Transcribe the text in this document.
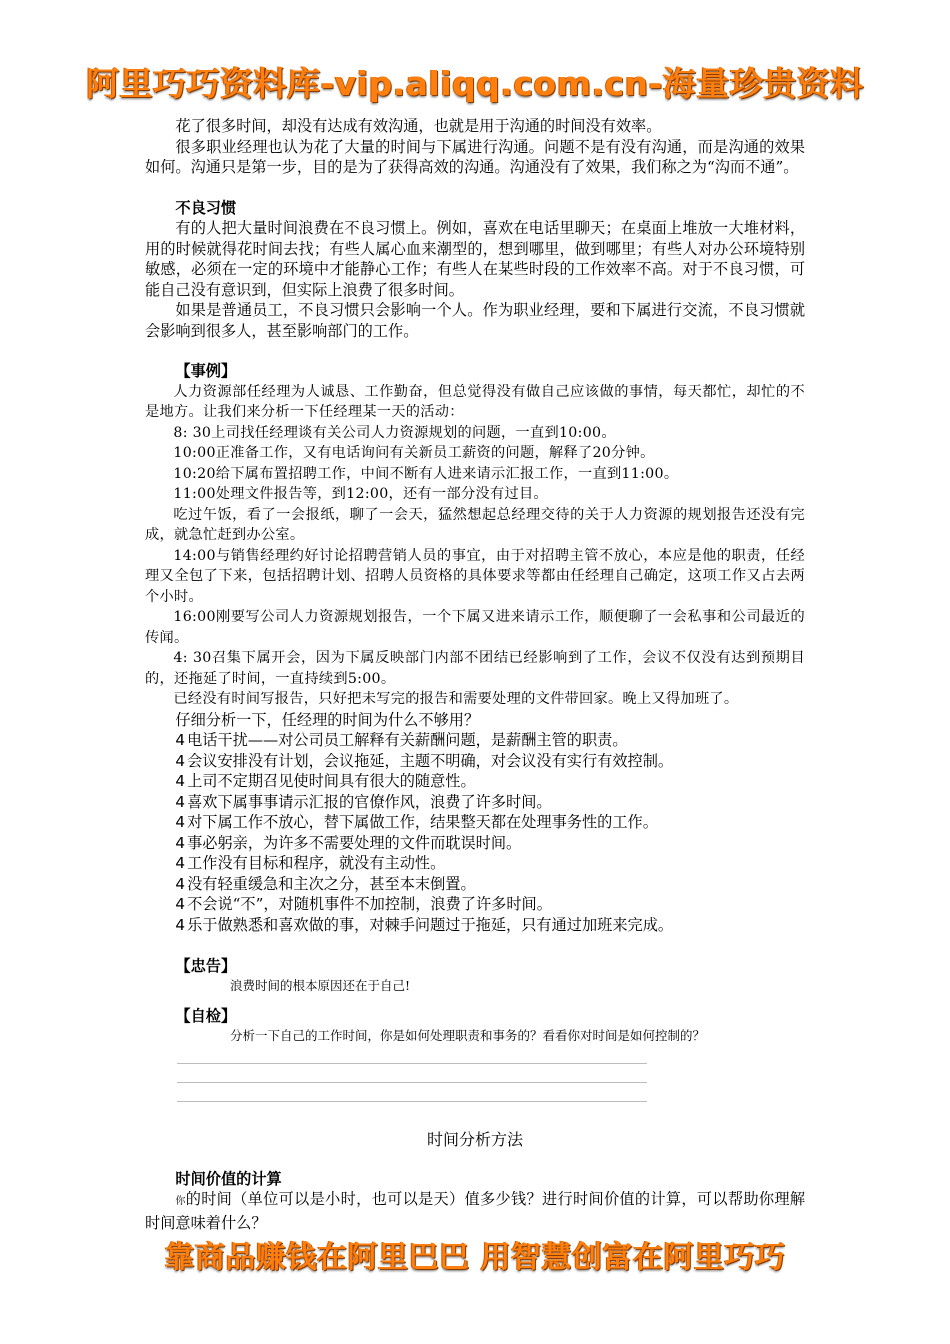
阿里巧巧资料库-vip.aliqq.com.cn-海量珍贵资料
花了很多时间，却没有达成有效沟通，也就是用于沟通的时间没有效率。
很多职业经理也认为花了大量的时间与下属进行沟通。问题不是有没有沟通，而是沟通的效果如何。沟通只是第一步，目的是为了获得高效的沟通。沟通没有了效果，我们称之为“沟而不通”。
不良习惯
有的人把大量时间浪费在不良习惯上。例如，喜欢在电话里聊天；在桌面上堆放一大堆材料，用的时候就得花时间去找；有些人属心血来潮型的，想到哪里，做到哪里；有些人对办公环境特别敏感，必须在一定的环境中才能静心工作；有些人在某些时段的工作效率不高。对于不良习惯，可能自己没有意识到，但实际上浪费了很多时间。
如果是普通员工，不良习惯只会影响一个人。作为职业经理，要和下属进行交流，不良习惯就会影响到很多人，甚至影响部门的工作。
【事例】
人力资源部任经理为人诚恳、工作勤奋，但总觉得没有做自己应该做的事情，每天都忙，却忙的不是地方。让我们来分析一下任经理某一天的活动：
8: 30上司找任经理谈有关公司人力资源规划的问题，一直到10:00。
10:00正准备工作，又有电话询问有关新员工薪资的问题，解释了20分钟。
10:20给下属布置招聘工作，中间不断有人进来请示汇报工作，一直到11:00。
11:00处理文件报告等，到12:00，还有一部分没有过目。
吃过午饭，看了一会报纸，聊了一会天，猛然想起总经理交待的关于人力资源的规划报告还没有完成，就急忙赶到办公室。
14:00与销售经理约好讨论招聘营销人员的事宜，由于对招聘主管不放心，本应是他的职责，任经理又全包了下来，包括招聘计划、招聘人员资格的具体要求等都由任经理自己确定，这项工作又占去两个小时。
16:00刚要写公司人力资源规划报告，一个下属又进来请示工作，顺便聊了一会私事和公司最近的传闻。
4: 30召集下属开会，因为下属反映部门内部不团结已经影响到了工作，会议不仅没有达到预期目的，还拖延了时间，一直持续到5:00。
已经没有时间写报告，只好把未写完的报告和需要处理的文件带回家。晚上又得加班了。
仔细分析一下，任经理的时间为什么不够用？
4 电话干扰——对公司员工解释有关薪酬问题，是薪酬主管的职责。
4 会议安排没有计划，会议拖延，主题不明确，对会议没有实行有效控制。
4 上司不定期召见使时间具有很大的随意性。
4 喜欢下属事事请示汇报的官僚作风，浪费了许多时间。
4 对下属工作不放心，替下属做工作，结果整天都在处理事务性的工作。
4 事必躬亲，为许多不需要处理的文件而耽误时间。
4 工作没有目标和程序，就没有主动性。
4 没有轻重缓急和主次之分，甚至本末倒置。
4 不会说“不”，对随机事件不加控制，浪费了许多时间。
4 乐于做熟悉和喜欢做的事，对棘手问题过于拖延，只有通过加班来完成。
【忠告】
浪费时间的根本原因还在于自己!
【自检】
分析一下自己的工作时间，你是如何处理职责和事务的？看看你对时间是如何控制的？
时间分析方法
时间价值的计算
你的时间（单位可以是小时，也可以是天）值多少钱？进行时间价值的计算，可以帮助你理解时间意味着什么？
靠商品赚钱在阿里巴巴 用智慧创富在阿里巧巧
